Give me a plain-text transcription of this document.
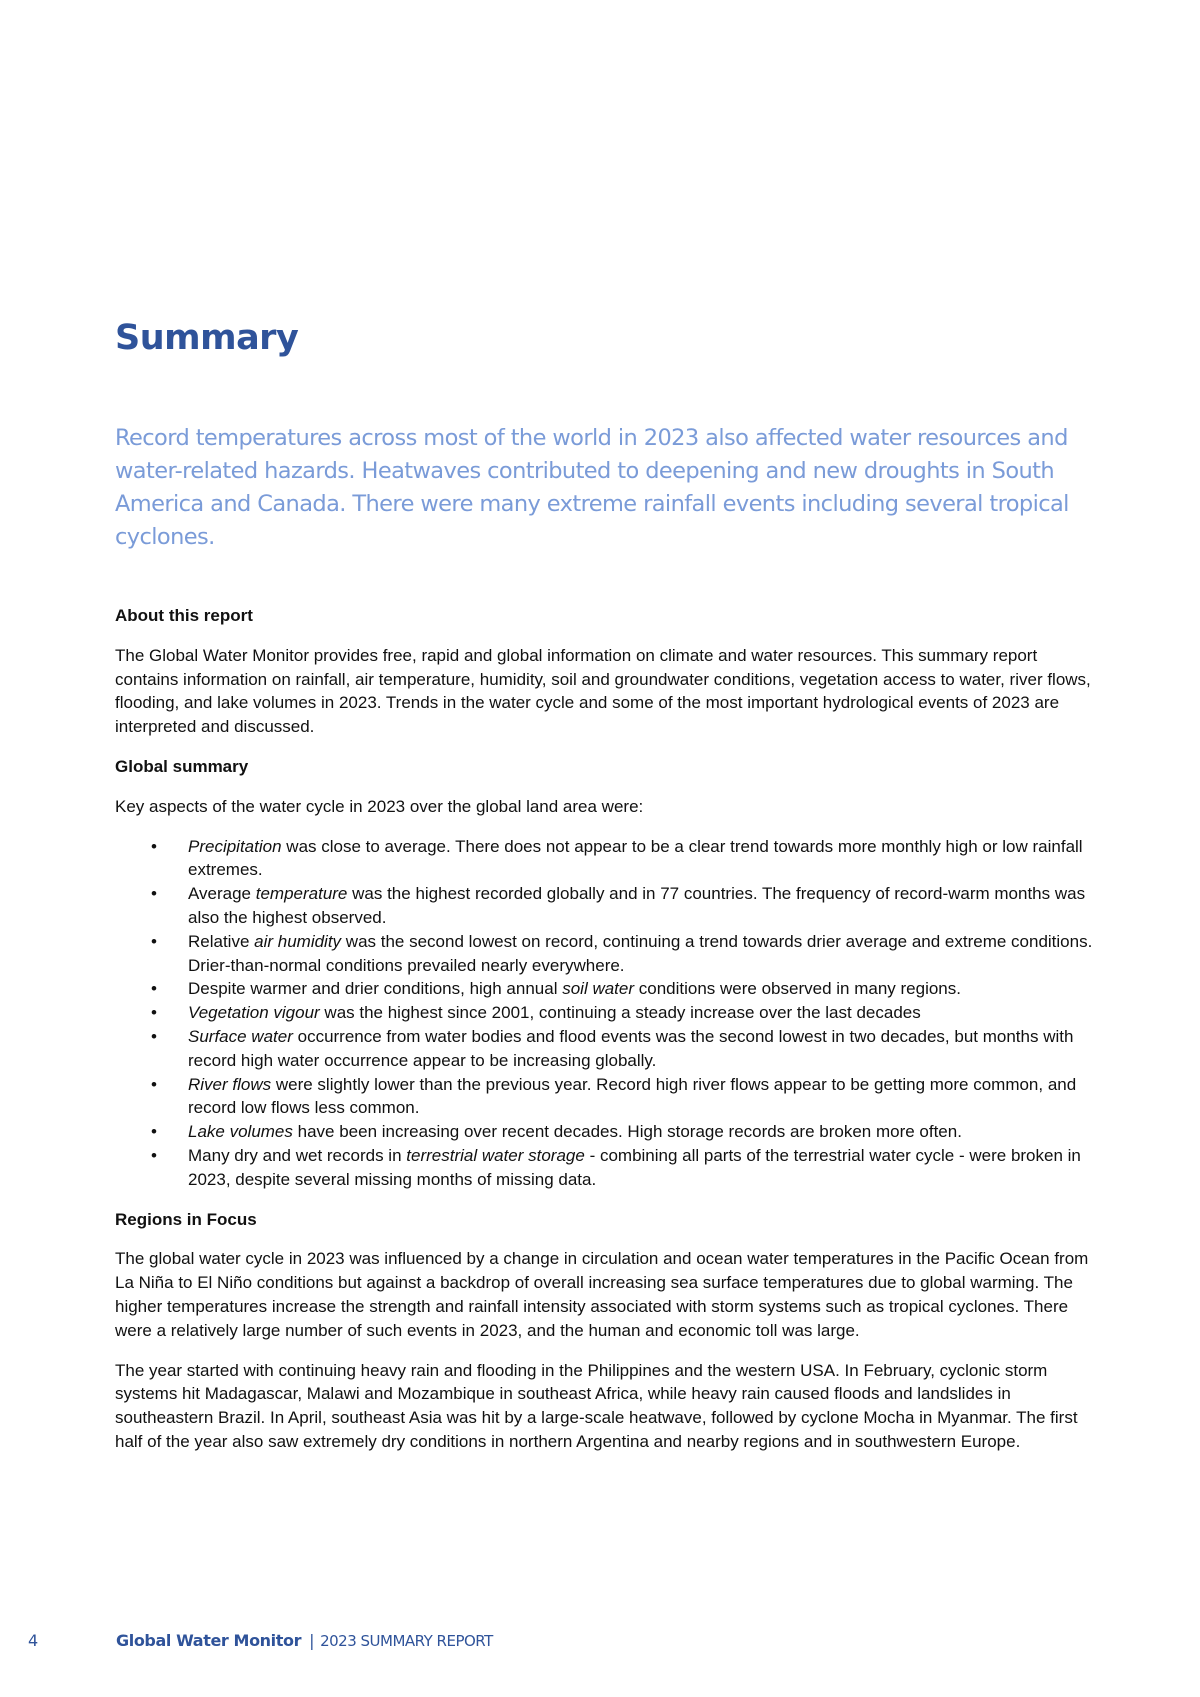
Summary

Record temperatures across most of the world in 2023 also affected water resources and water-related hazards. Heatwaves contributed to deepening and new droughts in South America and Canada. There were many extreme rainfall events including several tropical cyclones.

About this report

The Global Water Monitor provides free, rapid and global information on climate and water resources. This summary report contains information on rainfall, air temperature, humidity, soil and groundwater conditions, vegetation access to water, river flows, flooding, and lake volumes in 2023. Trends in the water cycle and some of the most important hydrological events of 2023 are interpreted and discussed.

Global summary

Key aspects of the water cycle in 2023 over the global land area were:

• Precipitation was close to average. There does not appear to be a clear trend towards more monthly high or low rainfall extremes.
• Average temperature was the highest recorded globally and in 77 countries. The frequency of record-warm months was also the highest observed.
• Relative air humidity was the second lowest on record, continuing a trend towards drier average and extreme conditions. Drier-than-normal conditions prevailed nearly everywhere.
• Despite warmer and drier conditions, high annual soil water conditions were observed in many regions.
• Vegetation vigour was the highest since 2001, continuing a steady increase over the last decades
• Surface water occurrence from water bodies and flood events was the second lowest in two decades, but months with record high water occurrence appear to be increasing globally.
• River flows were slightly lower than the previous year. Record high river flows appear to be getting more common, and record low flows less common.
• Lake volumes have been increasing over recent decades. High storage records are broken more often.
• Many dry and wet records in terrestrial water storage - combining all parts of the terrestrial water cycle - were broken in 2023, despite several missing months of missing data.
Regions in Focus

The global water cycle in 2023 was influenced by a change in circulation and ocean water temperatures in the Pacific Ocean from La Niña to El Niño conditions but against a backdrop of overall increasing sea surface temperatures due to global warming. The higher temperatures increase the strength and rainfall intensity associated with storm systems such as tropical cyclones. There were a relatively large number of such events in 2023, and the human and economic toll was large.

The year started with continuing heavy rain and flooding in the Philippines and the western USA. In February, cyclonic storm systems hit Madagascar, Malawi and Mozambique in southeast Africa, while heavy rain caused floods and landslides in southeastern Brazil. In April, southeast Asia was hit by a large-scale heatwave, followed by cyclone Mocha in Myanmar. The first half of the year also saw extremely dry conditions in northern Argentina and nearby regions and in southwestern Europe.

4	Global Water Monitor | 2023 SUMMARY REPORT
